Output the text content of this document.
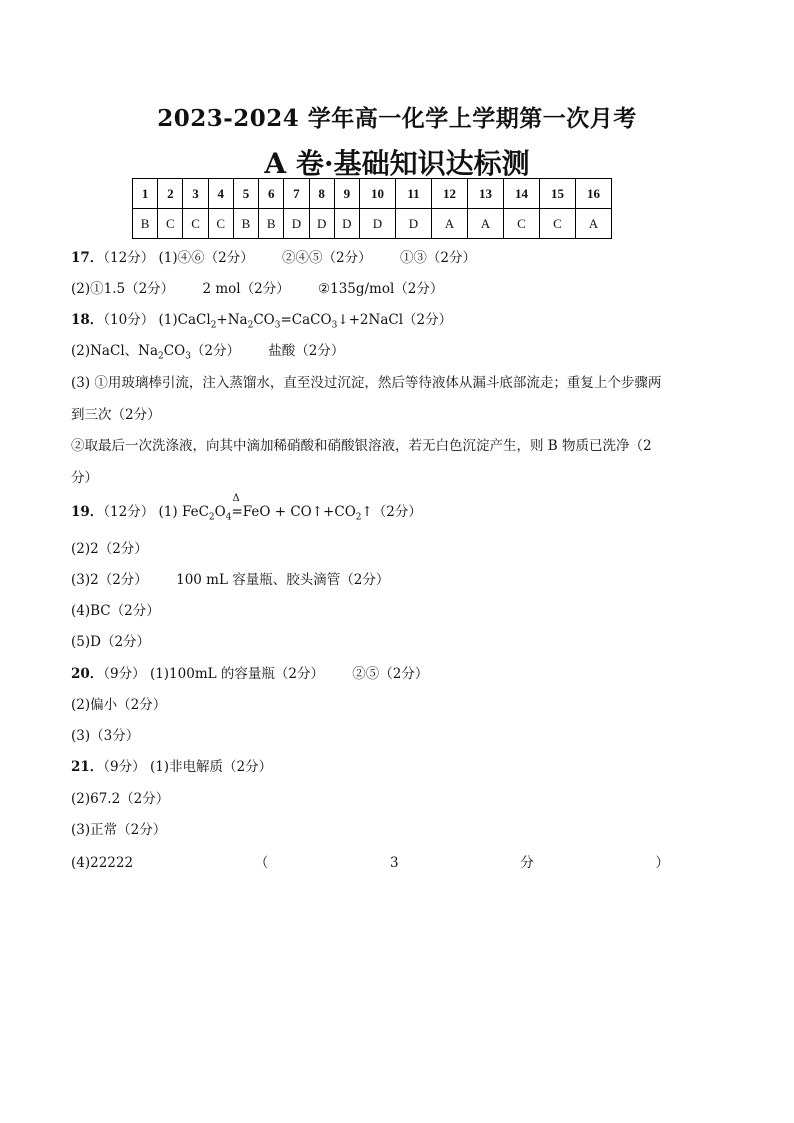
2023-2024 学年高一化学上学期第一次月考
A 卷·基础知识达标测
1	2	3	4	5	6	7	8	9	10	11	12	13	14	15	16
B	C	C	C	B	B	D	D	D	D	D	A	A	C	C	A
17．（12分） (1)④⑥（2分） ②④⑤（2分） ①③（2分）
(2)①1.5（2分） 2 mol（2分） ②135g/mol（2分）
18．（10分） $(1)CaCl_2+Na_2CO_3=CaCO_3↓+2NaCl(2$分）
(2)NaCl、$Na_2CO_3(2$分） 盐酸（2分）
(3) ①用玻璃棒引流，注入蒸馏水，直至没过沉淀，然后等待液体从漏斗底部流走；重复上个步骤两到三次（2分）
②取最后一次洗涤液，向其中滴加稀硝酸和硝酸银溶液，若无白色沉淀产生，则 B 物质已洗净（2分）
19．（12分） (1) $FeC_2O_4$
Δ
$=FeO + CO↑+CO_2↑(2$分）
(2)2（2分）
(3)2（2分） 100 mL 容量瓶、胶头滴管（2分）
(4)BC（2分）
(5)D（2分）
20．（9分） (1)100mL 的容量瓶（2分） ②⑤（2分）
(2)偏小（2分）
(3)（3分）
21．（9分） (1)非电解质（2分）
(2)67.2（2分）
(3)正常（2分）
(4)22222	（	3	分	）
